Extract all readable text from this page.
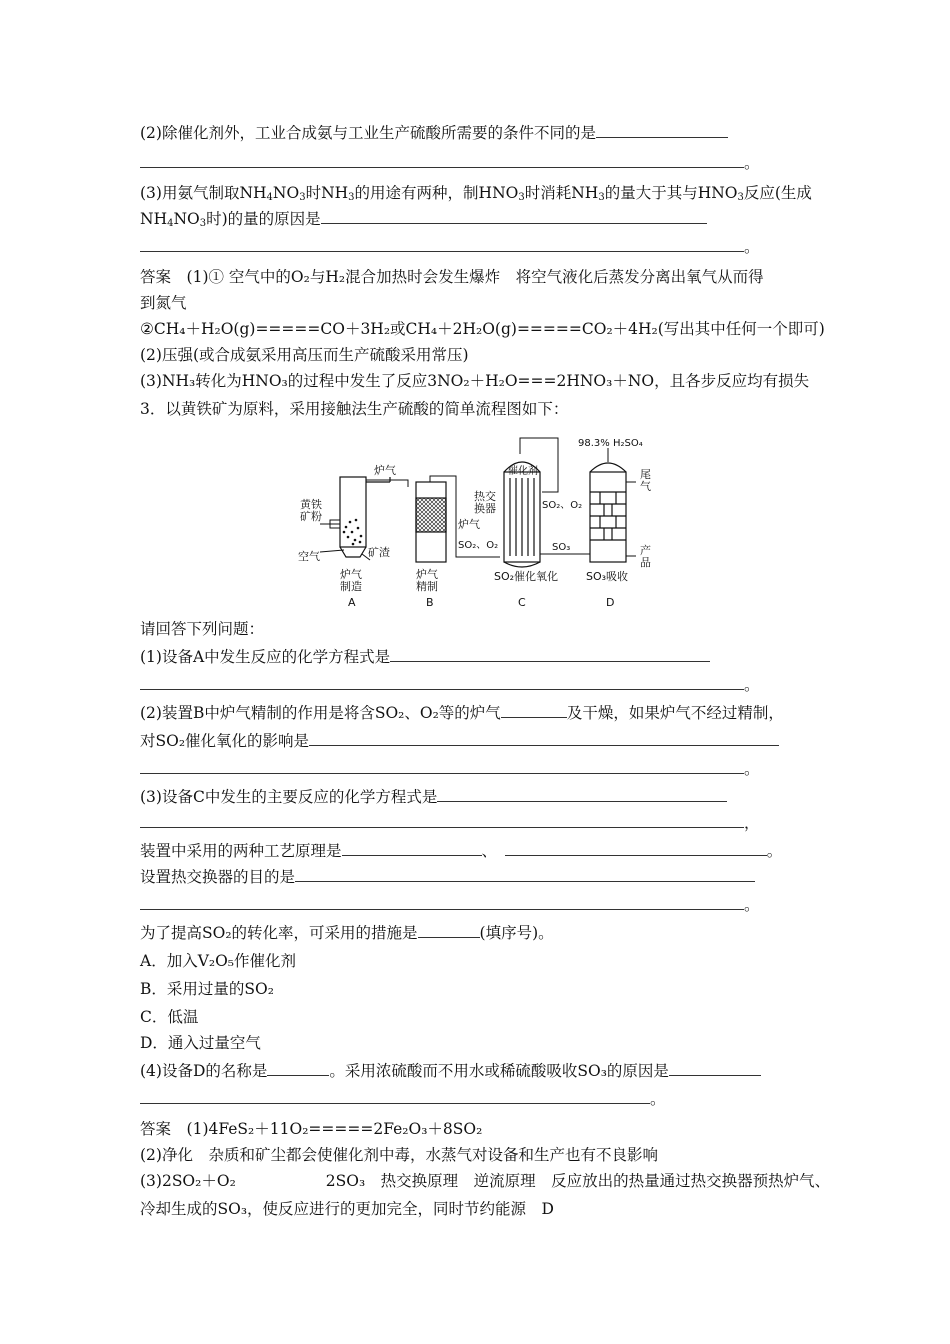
(2)除催化剂外，工业合成氨与工业生产硫酸所需要的条件不同的是
。
(3)用氨气制取$NH_4NO_3$时$NH_3$的用途有两种，制$HNO_3$时消耗$NH_3$的量大于其与$HNO_3$反应(生成
$NH_4NO_3$时)的量的原因是
。
答案　 (1)① 空气中的O₂与H₂混合加热时会发生爆炸　将空气液化后蒸发分离出氧气从而得
到氮气
②CH₄＋H₂O(g)=====CO＋3H₂或CH₄＋2H₂O(g)=====CO₂＋4H₂(写出其中任何一个即可)
(2)压强(或合成氨采用高压而生产硫酸采用常压)
(3)NH₃转化为HNO₃的过程中发生了反应3NO₂＋H₂O===2HNO₃＋NO，且各步反应均有损失
3．以黄铁矿为原料，采用接触法生产硫酸的简单流程图如下：
黄铁
矿粉
空气	矿渣
炉气
炉气
热交
换器
催化剂
SO₂、O₂
SO₂、O₂	SO₃
98.3% H₂SO₄
尾
气
产
品
炉气
制造
炉气
精制
SO₂催化氧化	SO₃吸收
A	B	C	D
请回答下列问题：
(1)设备A中发生反应的化学方程式是
。
(2)装置B中炉气精制的作用是将含SO₂、O₂等的炉气	及干燥，如果炉气不经过精制，
对SO₂催化氧化的影响是
。
(3)设备C中发生的主要反应的化学方程式是
，
装置中采用的两种工艺原理是	、　	。
设置热交换器的目的是
。
为了提高SO₂的转化率，可采用的措施是	(填序号)。
A．加入V₂O₅作催化剂
B．采用过量的SO₂
C．低温
D．通入过量空气
(4)设备D的名称是	。采用浓硫酸而不用水或稀硫酸吸收SO₃的原因是
。
答案　 (1)4FeS₂＋11O₂=====2Fe₂O₃＋8SO₂
(2)净化　杂质和矿尘都会使催化剂中毒，水蒸气对设备和生产也有不良影响
(3)2SO₂＋O₂	2SO₃　热交换原理　逆流原理　反应放出的热量通过热交换器预热炉气、
冷却生成的SO₃，使反应进行的更加完全，同时节约能源　D
